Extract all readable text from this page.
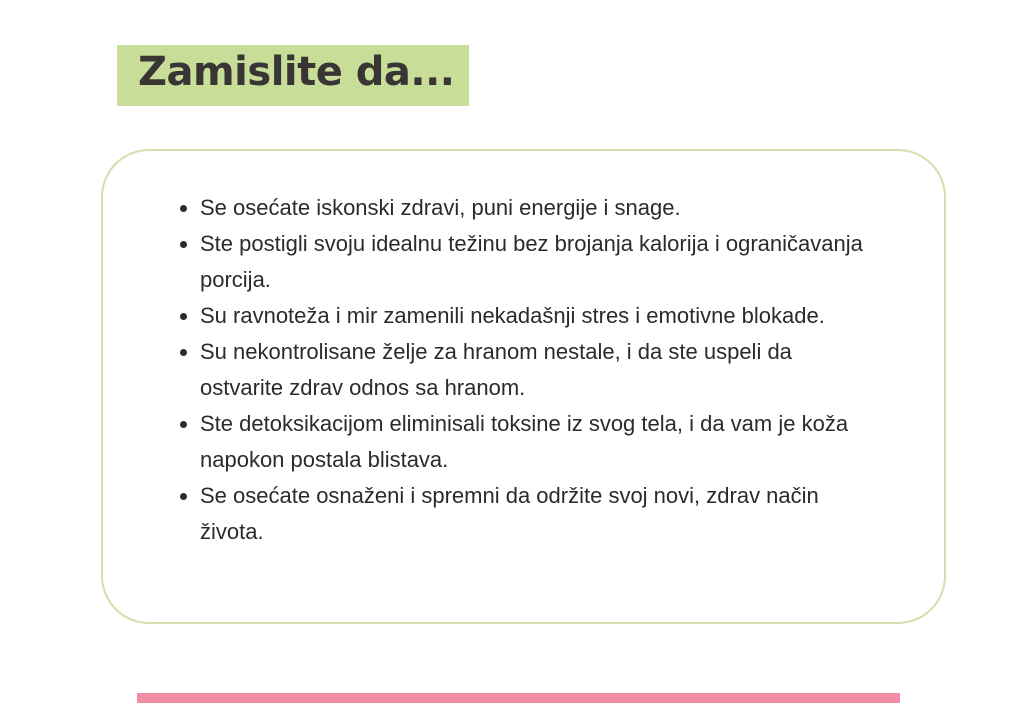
Zamislite da...
Se osećate iskonski zdravi, puni energije i snage.
Ste postigli svoju idealnu težinu bez brojanja kalorija i ograničavanja porcija.
Su ravnoteža i mir zamenili nekadašnji stres i emotivne blokade.
Su nekontrolisane želje za hranom nestale, i da ste uspeli da ostvarite zdrav odnos sa hranom.
Ste detoksikacijom eliminisali toksine iz svog tela, i da vam je koža napokon postala blistava.
Se osećate osnaženi i spremni da održite svoj novi, zdrav način života.
